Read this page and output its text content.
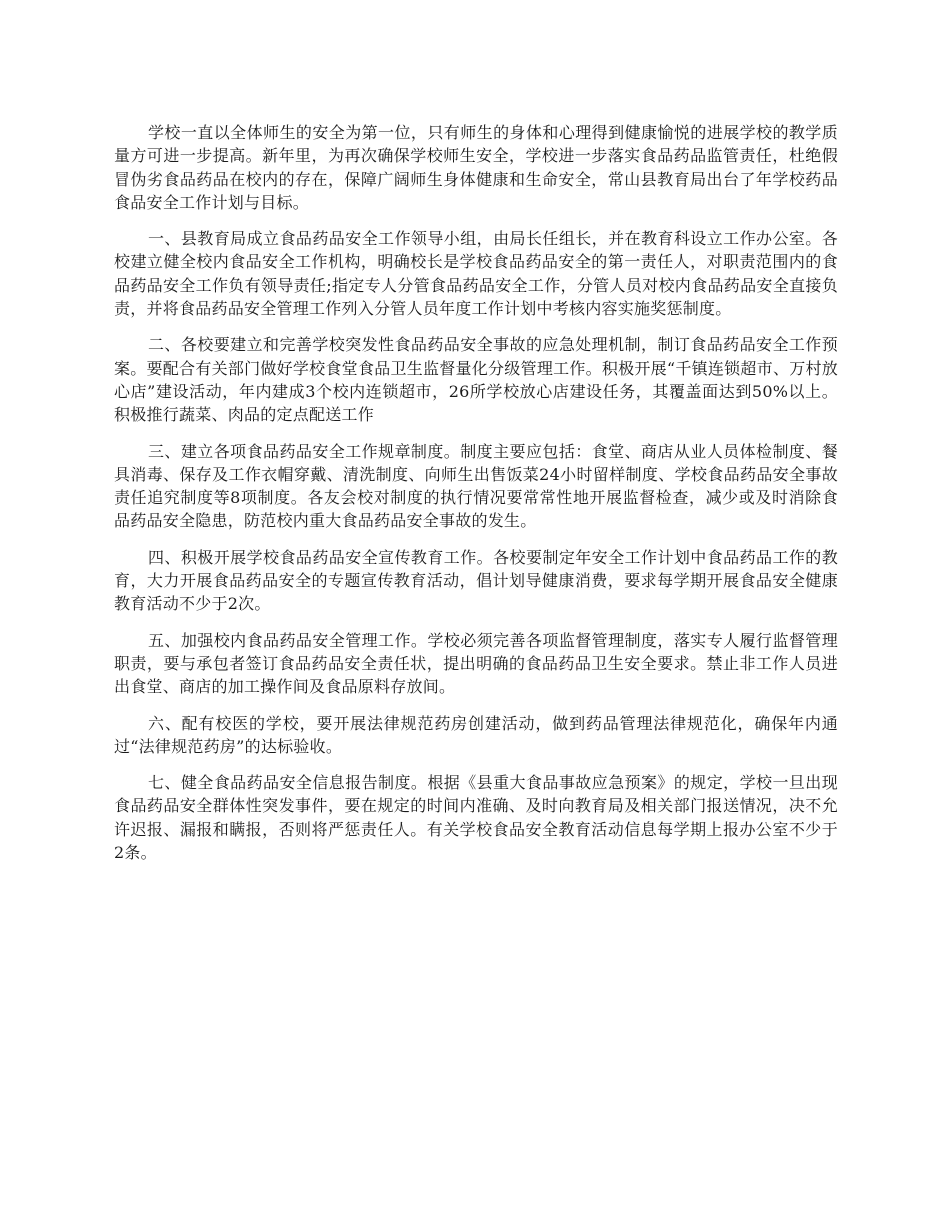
学校一直以全体师生的安全为第一位，只有师生的身体和心理得到健康愉悦的进展学校的教学质量方可进一步提高。新年里，为再次确保学校师生安全，学校进一步落实食品药品监管责任，杜绝假冒伪劣食品药品在校内的存在，保障广阔师生身体健康和生命安全，常山县教育局出台了年学校药品食品安全工作计划与目标。

一、县教育局成立食品药品安全工作领导小组，由局长任组长，并在教育科设立工作办公室。各校建立健全校内食品安全工作机构，明确校长是学校食品药品安全的第一责任人，对职责范围内的食品药品安全工作负有领导责任;指定专人分管食品药品安全工作，分管人员对校内食品药品安全直接负责，并将食品药品安全管理工作列入分管人员年度工作计划中考核内容实施奖惩制度。

二、各校要建立和完善学校突发性食品药品安全事故的应急处理机制，制订食品药品安全工作预案。要配合有关部门做好学校食堂食品卫生监督量化分级管理工作。积极开展“千镇连锁超市、万村放心店”建设活动，年内建成3个校内连锁超市，26所学校放心店建设任务，其覆盖面达到50%以上。积极推行蔬菜、肉品的定点配送工作

三、建立各项食品药品安全工作规章制度。制度主要应包括：食堂、商店从业人员体检制度、餐具消毒、保存及工作衣帽穿戴、清洗制度、向师生出售饭菜24小时留样制度、学校食品药品安全事故责任追究制度等8项制度。各友会校对制度的执行情况要常常性地开展监督检查，减少或及时消除食品药品安全隐患，防范校内重大食品药品安全事故的发生。

四、积极开展学校食品药品安全宣传教育工作。各校要制定年安全工作计划中食品药品工作的教育，大力开展食品药品安全的专题宣传教育活动，倡计划导健康消费，要求每学期开展食品安全健康教育活动不少于2次。

五、加强校内食品药品安全管理工作。学校必须完善各项监督管理制度，落实专人履行监督管理职责，要与承包者签订食品药品安全责任状，提出明确的食品药品卫生安全要求。禁止非工作人员进出食堂、商店的加工操作间及食品原料存放间。

六、配有校医的学校，要开展法律规范药房创建活动，做到药品管理法律规范化，确保年内通过“法律规范药房”的达标验收。

七、健全食品药品安全信息报告制度。根据《县重大食品事故应急预案》的规定，学校一旦出现食品药品安全群体性突发事件，要在规定的时间内准确、及时向教育局及相关部门报送情况，决不允许迟报、漏报和瞒报，否则将严惩责任人。有关学校食品安全教育活动信息每学期上报办公室不少于2条。
